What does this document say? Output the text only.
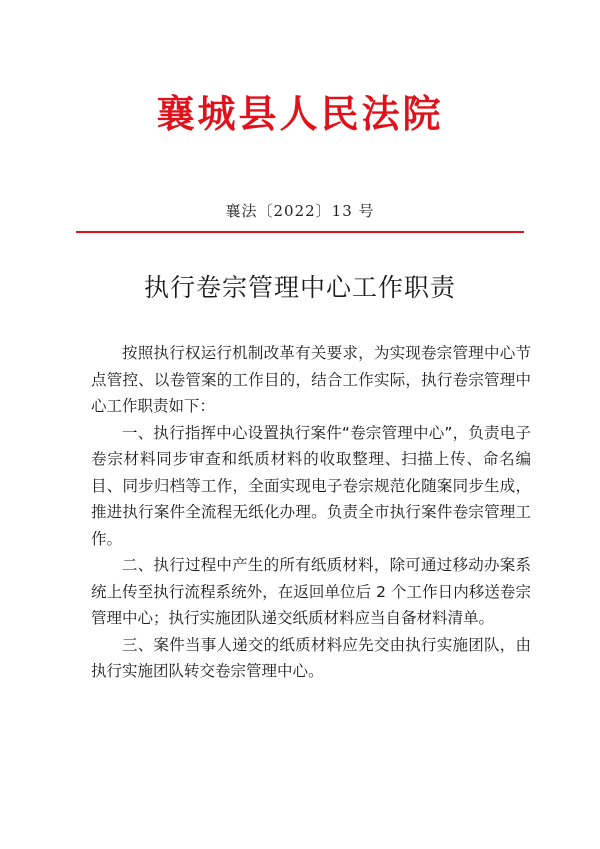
襄城县人民法院
襄法〔2022〕13 号
执行卷宗管理中心工作职责

按照执行权运行机制改革有关要求，为实现卷宗管理中心节点管控、以卷管案的工作目的，结合工作实际，执行卷宗管理中心工作职责如下：

一、执行指挥中心设置执行案件“卷宗管理中心”，负责电子卷宗材料同步审查和纸质材料的收取整理、扫描上传、命名编目、同步归档等工作，全面实现电子卷宗规范化随案同步生成，推进执行案件全流程无纸化办理。负责全市执行案件卷宗管理工作。

二、执行过程中产生的所有纸质材料，除可通过移动办案系统上传至执行流程系统外，在返回单位后 2 个工作日内移送卷宗管理中心；执行实施团队递交纸质材料应当自备材料清单。

三、案件当事人递交的纸质材料应先交由执行实施团队，由执行实施团队转交卷宗管理中心。
